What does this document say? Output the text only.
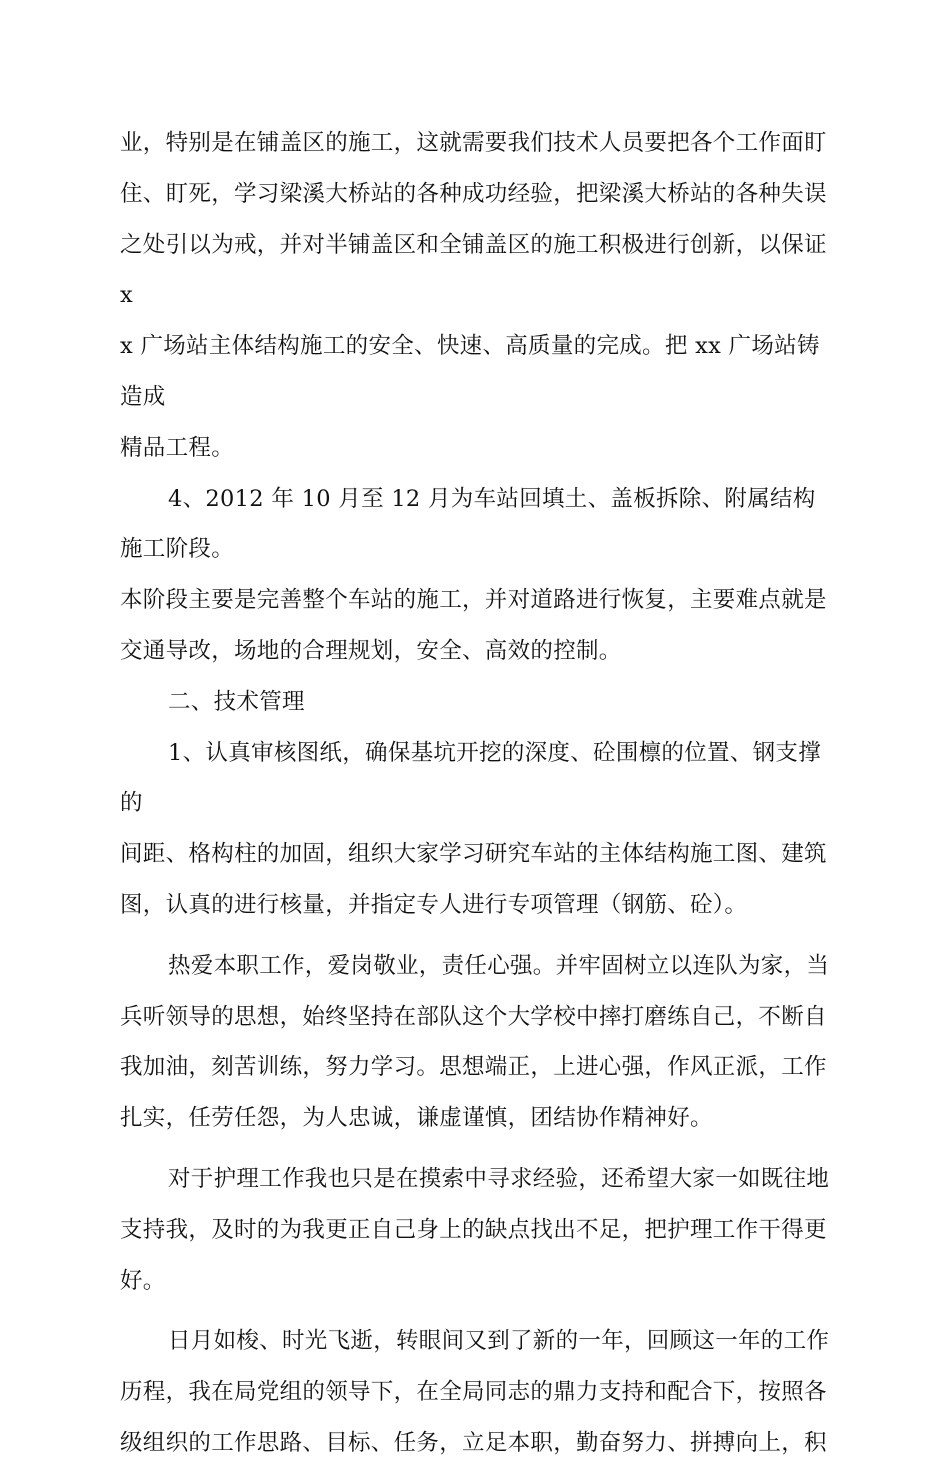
业，特别是在铺盖区的施工，这就需要我们技术人员要把各个工作面盯
住、盯死，学习梁溪大桥站的各种成功经验，把梁溪大桥站的各种失误
之处引以为戒，并对半铺盖区和全铺盖区的施工积极进行创新，以保证 x
x 广场站主体结构施工的安全、快速、高质量的完成。把 xx 广场站铸造成
精品工程。

4、2012 年 10 月至 12 月为车站回填土、盖板拆除、附属结构施工阶段。
本阶段主要是完善整个车站的施工，并对道路进行恢复，主要难点就是
交通导改，场地的合理规划，安全、高效的控制。

二、技术管理

1、认真审核图纸，确保基坑开挖的深度、砼围檩的位置、钢支撑的
间距、格构柱的加固，组织大家学习研究车站的主体结构施工图、建筑
图，认真的进行核量，并指定专人进行专项管理（钢筋、砼）。

热爱本职工作，爱岗敬业，责任心强。并牢固树立以连队为家，当
兵听领导的思想，始终坚持在部队这个大学校中摔打磨练自己，不断自
我加油，刻苦训练，努力学习。思想端正，上进心强，作风正派，工作
扎实，任劳任怨，为人忠诚，谦虚谨慎，团结协作精神好。

对于护理工作我也只是在摸索中寻求经验，还希望大家一如既往地
支持我，及时的为我更正自己身上的缺点找出不足，把护理工作干得更
好。

日月如梭、时光飞逝，转眼间又到了新的一年，回顾这一年的工作
历程，我在局党组的领导下，在全局同志的鼎力支持和配合下，按照各
级组织的工作思路、目标、任务，立足本职，勤奋努力、拼搏向上，积
